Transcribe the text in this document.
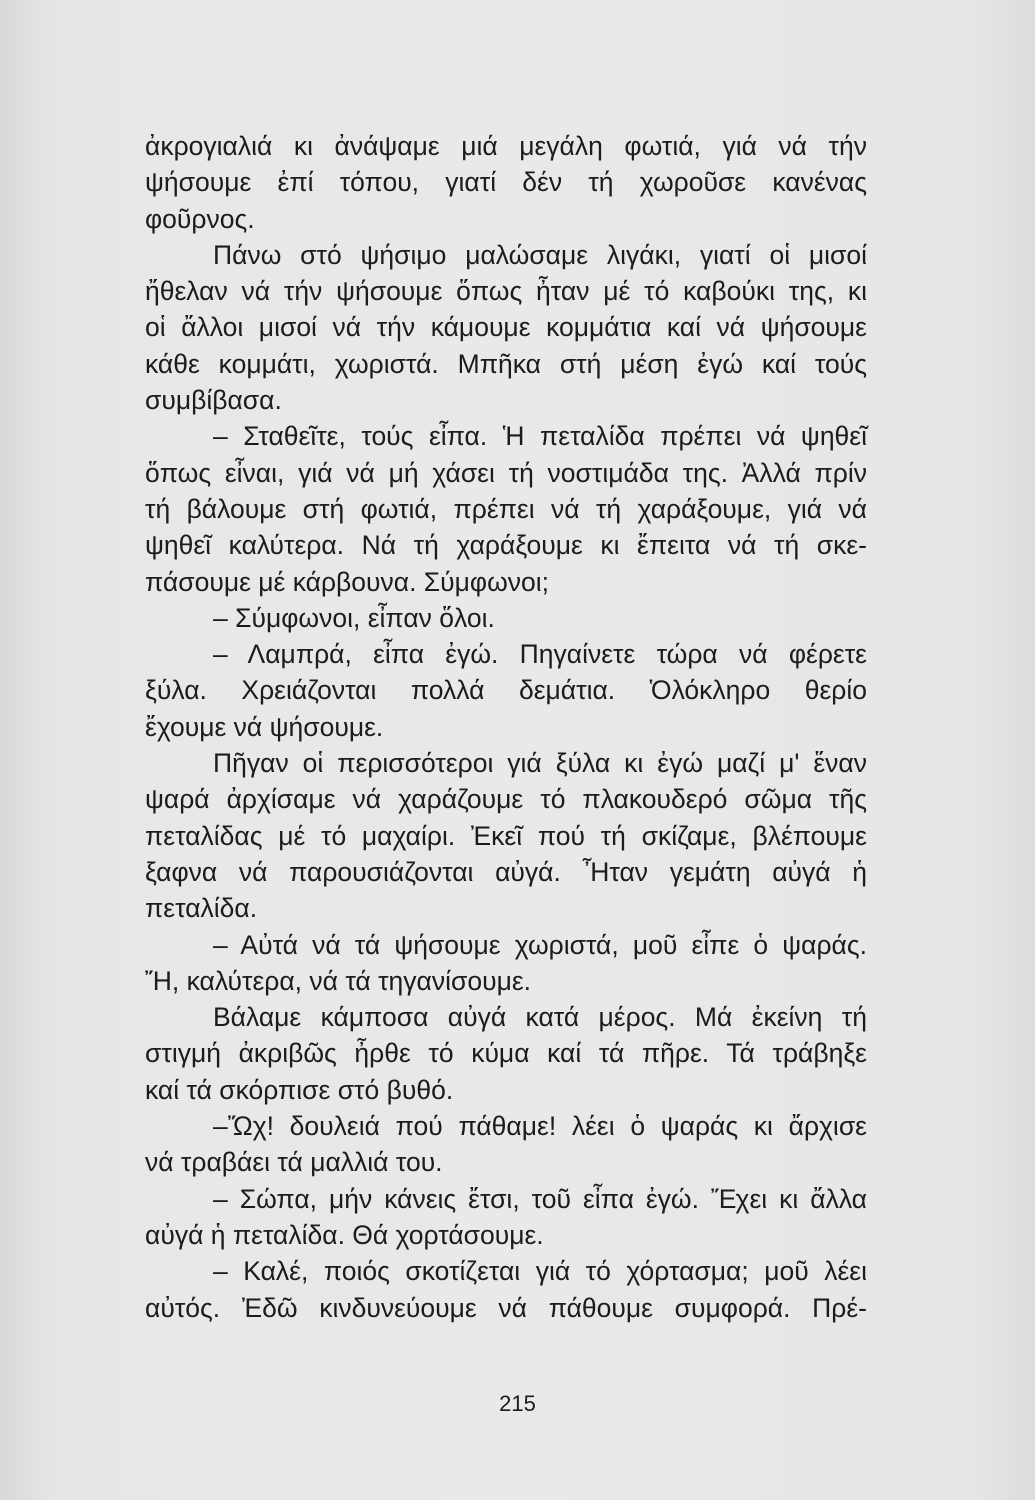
ἀκρογιαλιά κι ἀνάψαμε μιά μεγάλη φωτιά, γιά νά τήν
ψήσουμε ἐπί τόπου, γιατί δέν τή χωροῦσε κανένας
φοῦρνος.
Πάνω στό ψήσιμο μαλώσαμε λιγάκι, γιατί οἱ μισοί
ἤθελαν νά τήν ψήσουμε ὅπως ἦταν μέ τό καβούκι της, κι
οἱ ἄλλοι μισοί νά τήν κάμουμε κομμάτια καί νά ψήσουμε
κάθε κομμάτι, χωριστά. Μπῆκα στή μέση ἐγώ καί τούς
συμβίβασα.
– Σταθεῖτε, τούς εἶπα. Ἡ πεταλίδα πρέπει νά ψηθεῖ
ὅπως εἶναι, γιά νά μή χάσει τή νοστιμάδα της. Ἀλλά πρίν
τή βάλουμε στή φωτιά, πρέπει νά τή χαράξουμε, γιά νά
ψηθεῖ καλύτερα. Νά τή χαράξουμε κι ἔπειτα νά τή σκε-
πάσουμε μέ κάρβουνα. Σύμφωνοι;
– Σύμφωνοι, εἶπαν ὅλοι.
– Λαμπρά, εἶπα ἐγώ. Πηγαίνετε τώρα νά φέρετε
ξύλα. Χρειάζονται πολλά δεμάτια. Ὁλόκληρο θερίο
ἔχουμε νά ψήσουμε.
Πῆγαν οἱ περισσότεροι γιά ξύλα κι ἐγώ μαζί μ' ἕναν
ψαρά ἀρχίσαμε νά χαράζουμε τό πλακουδερό σῶμα τῆς
πεταλίδας μέ τό μαχαίρι. Ἐκεῖ πού τή σκίζαμε, βλέπουμε
ξαφνα νά παρουσιάζονται αὐγά. Ἦταν γεμάτη αὐγά ἡ
πεταλίδα.
– Αὐτά νά τά ψήσουμε χωριστά, μοῦ εἶπε ὁ ψαράς.
Ἤ, καλύτερα, νά τά τηγανίσουμε.
Βάλαμε κάμποσα αὐγά κατά μέρος. Μά ἐκείνη τή
στιγμή ἀκριβῶς ἦρθε τό κύμα καί τά πῆρε. Τά τράβηξε
καί τά σκόρπισε στό βυθό.
–Ὤχ! δουλειά πού πάθαμε! λέει ὁ ψαράς κι ἄρχισε
νά τραβάει τά μαλλιά του.
– Σώπα, μήν κάνεις ἔτσι, τοῦ εἶπα ἐγώ. Ἔχει κι ἄλλα
αὐγά ἡ πεταλίδα. Θά χορτάσουμε.
– Καλέ, ποιός σκοτίζεται γιά τό χόρτασμα; μοῦ λέει
αὐτός. Ἐδῶ κινδυνεύουμε νά πάθουμε συμφορά. Πρέ-
215
